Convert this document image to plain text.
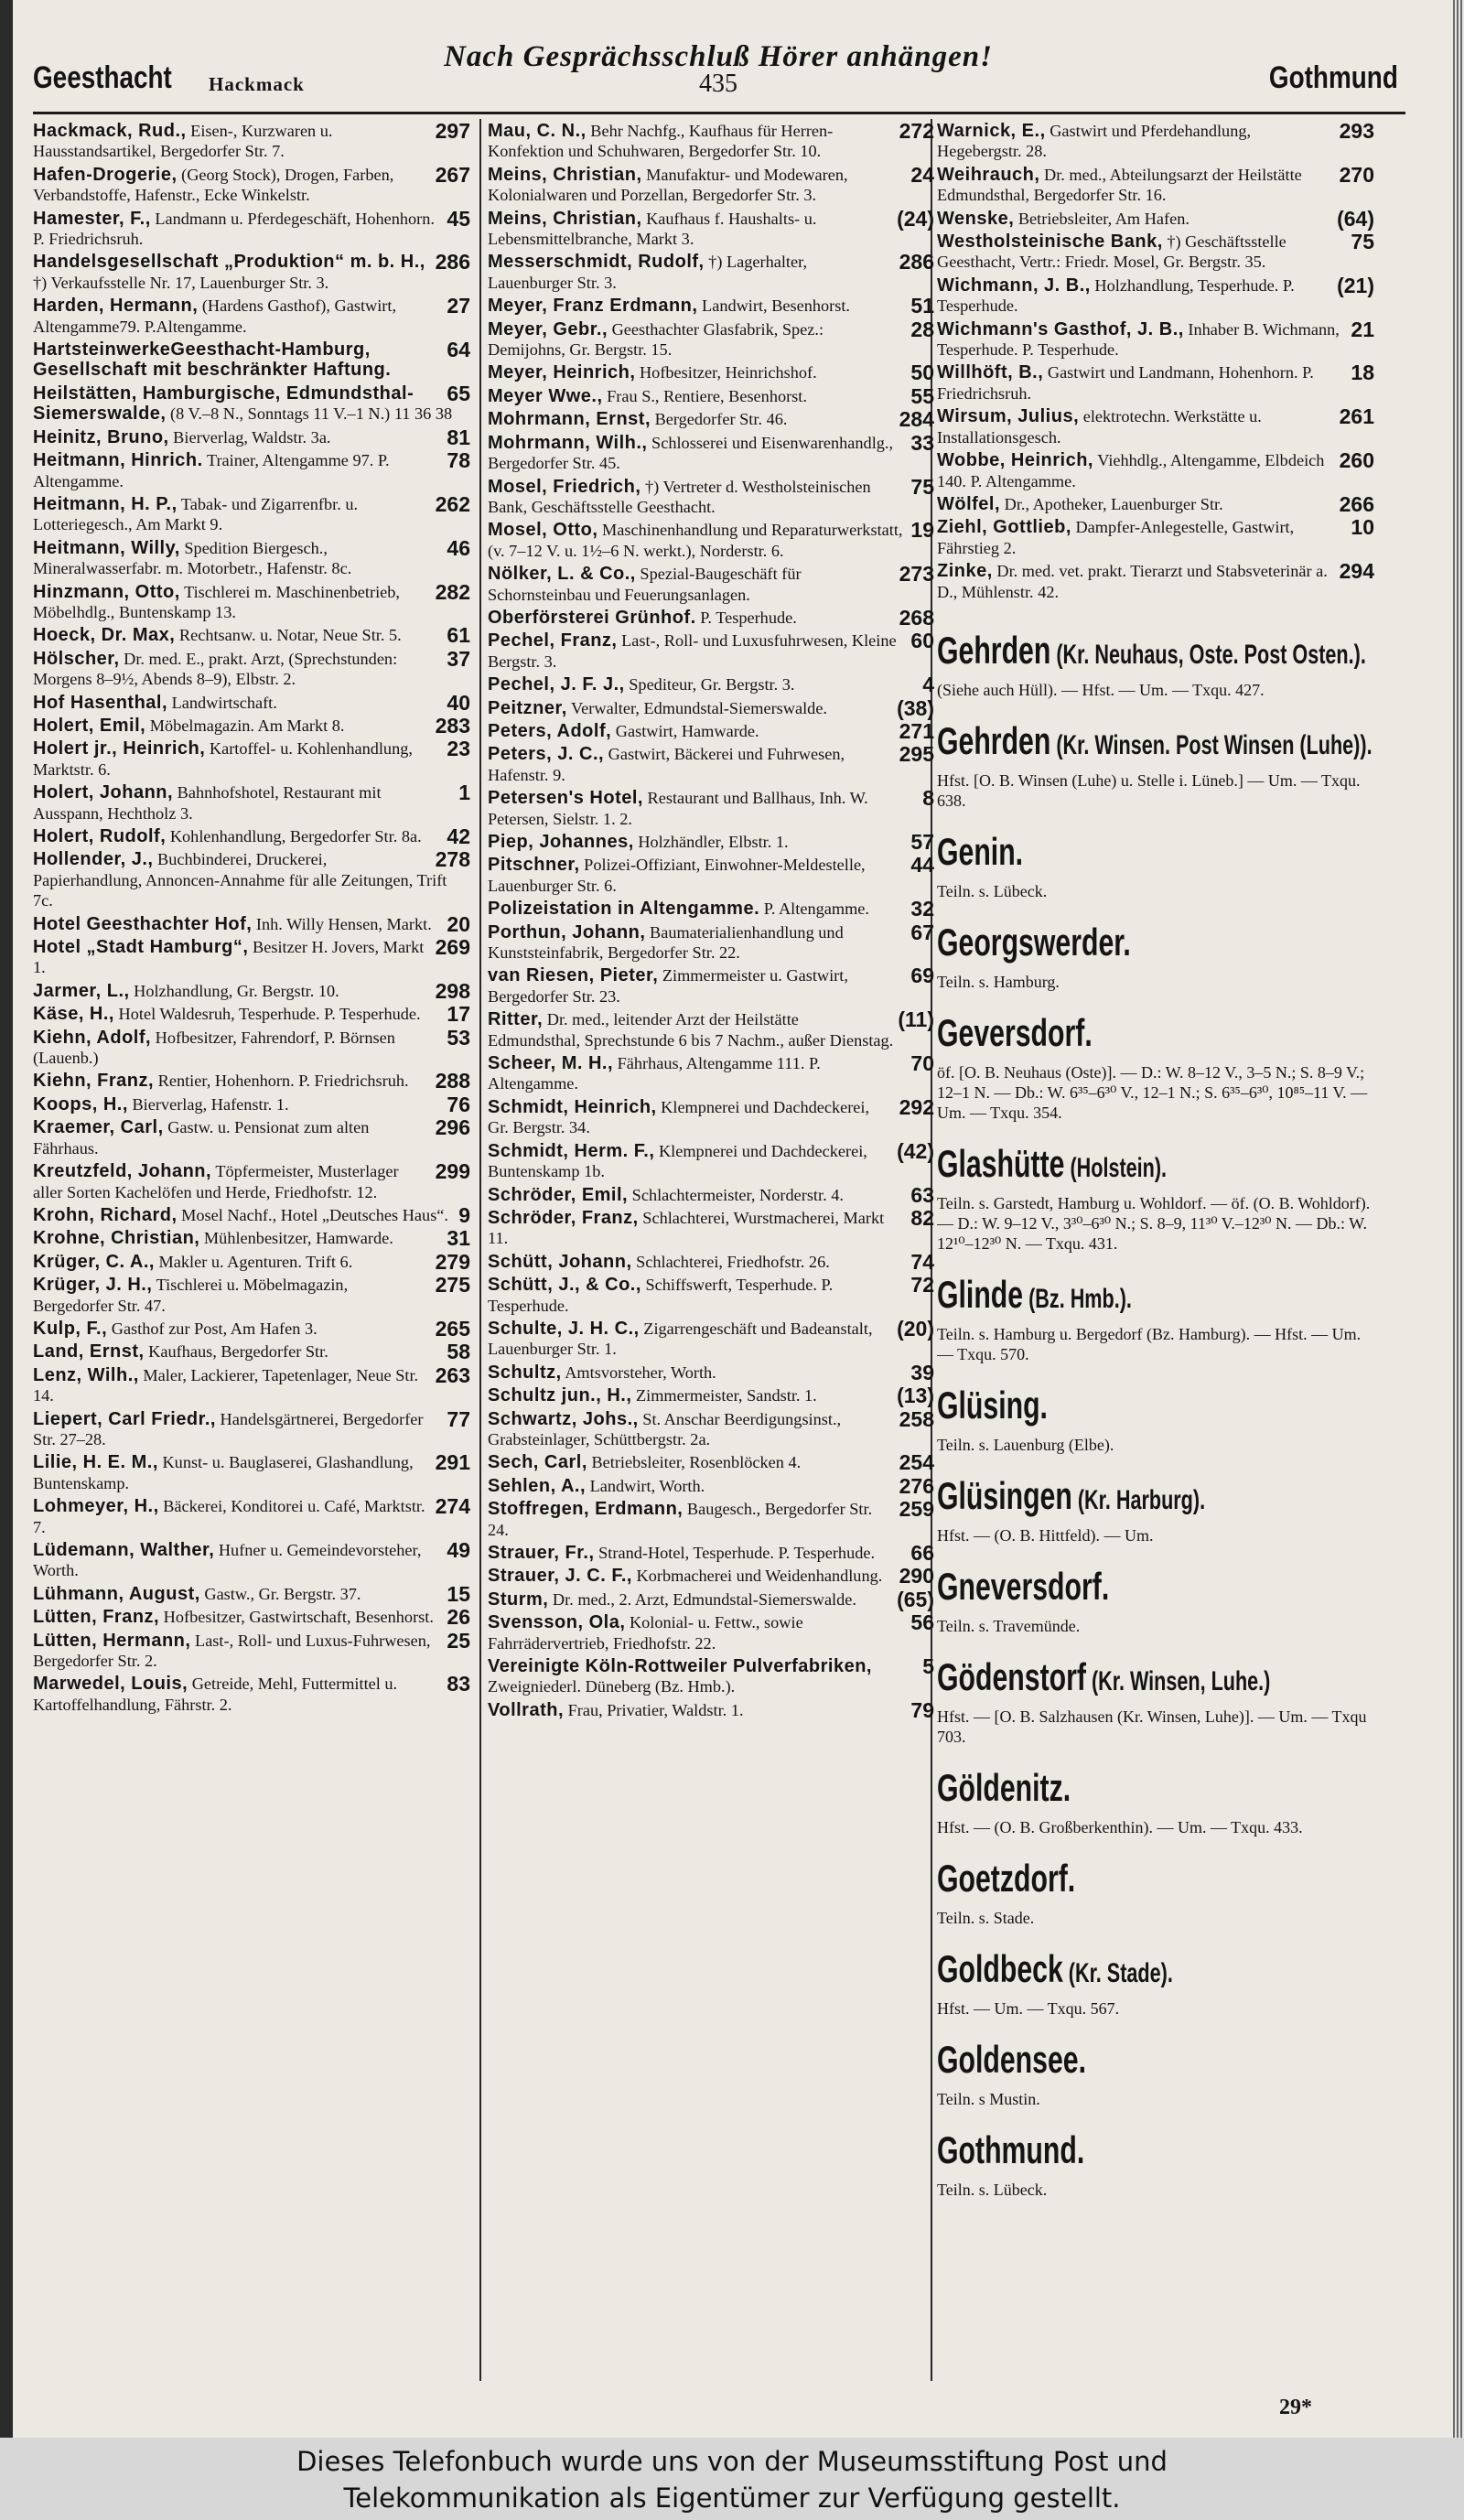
Nach Gesprächsschluß Hörer anhängen!
Geesthacht Hackmack	435	Gothmund
297
Hackmack, Rud., Eisen-, Kurzwaren u. Hausstandsartikel, Bergedorfer Str. 7.
267
Hafen-Drogerie, (Georg Stock), Drogen, Farben, Verbandstoffe, Hafenstr., Ecke Winkelstr.
45
Hamester, F., Landmann u. Pferdegeschäft, Hohenhorn. P. Friedrichsruh.
286
Handelsgesellschaft „Produktion“ m. b. H., †) Verkaufsstelle Nr. 17, Lauenburger Str. 3.
27
Harden, Hermann, (Hardens Gasthof), Gastwirt, Altengamme79. P.Altengamme.
64
HartsteinwerkeGeesthacht-Hamburg, Gesellschaft mit beschränkter Haftung.
65
Heilstätten, Hamburgische, Edmundsthal-Siemerswalde, (8 V.–8 N., Sonntags 11 V.–1 N.) 11 36 38
81
Heinitz, Bruno, Bierverlag, Waldstr. 3a.
78
Heitmann, Hinrich. Trainer, Altengamme 97. P. Altengamme.
262
Heitmann, H. P., Tabak- und Zigarrenfbr. u. Lotteriegesch., Am Markt 9.
46
Heitmann, Willy, Spedition Biergesch., Mineralwasserfabr. m. Motorbetr., Hafenstr. 8c.
282
Hinzmann, Otto, Tischlerei m. Maschinenbetrieb, Möbelhdlg., Buntenskamp 13.
61
Hoeck, Dr. Max, Rechtsanw. u. Notar, Neue Str. 5.
37
Hölscher, Dr. med. E., prakt. Arzt, (Sprechstunden: Morgens 8–9½, Abends 8–9), Elbstr. 2.
40
Hof Hasenthal, Landwirtschaft.
283
Holert, Emil, Möbelmagazin. Am Markt 8.
23
Holert jr., Heinrich, Kartoffel- u. Kohlenhandlung, Marktstr. 6.
1
Holert, Johann, Bahnhofshotel, Restaurant mit Ausspann, Hechtholz 3.
42
Holert, Rudolf, Kohlenhandlung, Bergedorfer Str. 8a.
278
Hollender, J., Buchbinderei, Druckerei, Papierhandlung, Annoncen-Annahme für alle Zeitungen, Trift 7c.
20
Hotel Geesthachter Hof, Inh. Willy Hensen, Markt.
269
Hotel „Stadt Hamburg“, Besitzer H. Jovers, Markt 1.
298
Jarmer, L., Holzhandlung, Gr. Bergstr. 10.
17
Käse, H., Hotel Waldesruh, Tesperhude. P. Tesperhude.
53
Kiehn, Adolf, Hofbesitzer, Fahrendorf, P. Börnsen (Lauenb.)
288
Kiehn, Franz, Rentier, Hohenhorn. P. Friedrichsruh.
76
Koops, H., Bierverlag, Hafenstr. 1.
296
Kraemer, Carl, Gastw. u. Pensionat zum alten Fährhaus.
299
Kreutzfeld, Johann, Töpfermeister, Musterlager aller Sorten Kachelöfen und Herde, Friedhofstr. 12.
9
Krohn, Richard, Mosel Nachf., Hotel „Deutsches Haus“.
31
Krohne, Christian, Mühlenbesitzer, Hamwarde.
279
Krüger, C. A., Makler u. Agenturen. Trift 6.
275
Krüger, J. H., Tischlerei u. Möbelmagazin, Bergedorfer Str. 47.
265
Kulp, F., Gasthof zur Post, Am Hafen 3.
58
Land, Ernst, Kaufhaus, Bergedorfer Str.
263
Lenz, Wilh., Maler, Lackierer, Tapetenlager, Neue Str. 14.
77
Liepert, Carl Friedr., Handelsgärtnerei, Bergedorfer Str. 27–28.
291
Lilie, H. E. M., Kunst- u. Bauglaserei, Glashandlung, Buntenskamp.
274
Lohmeyer, H., Bäckerei, Konditorei u. Café, Marktstr. 7.
49
Lüdemann, Walther, Hufner u. Gemeindevorsteher, Worth.
15
Lühmann, August, Gastw., Gr. Bergstr. 37.
26
Lütten, Franz, Hofbesitzer, Gastwirtschaft, Besenhorst.
25
Lütten, Hermann, Last-, Roll- und Luxus-Fuhrwesen, Bergedorfer Str. 2.
83
Marwedel, Louis, Getreide, Mehl, Futtermittel u. Kartoffelhandlung, Fährstr. 2.
272
Mau, C. N., Behr Nachfg., Kaufhaus für Herren-Konfektion und Schuhwaren, Bergedorfer Str. 10.
24
Meins, Christian, Manufaktur- und Modewaren, Kolonialwaren und Porzellan, Bergedorfer Str. 3.
(24)
Meins, Christian, Kaufhaus f. Haushalts- u. Lebensmittelbranche, Markt 3.
286
Messerschmidt, Rudolf, †) Lagerhalter, Lauenburger Str. 3.
51
Meyer, Franz Erdmann, Landwirt, Besenhorst.
28
Meyer, Gebr., Geesthachter Glasfabrik, Spez.: Demijohns, Gr. Bergstr. 15.
50
Meyer, Heinrich, Hofbesitzer, Heinrichshof.
55
Meyer Wwe., Frau S., Rentiere, Besenhorst.
284
Mohrmann, Ernst, Bergedorfer Str. 46.
33
Mohrmann, Wilh., Schlosserei und Eisenwarenhandlg., Bergedorfer Str. 45.
75
Mosel, Friedrich, †) Vertreter d. Westholsteinischen Bank, Geschäftsstelle Geesthacht.
19
Mosel, Otto, Maschinenhandlung und Reparaturwerkstatt, (v. 7–12 V. u. 1½–6 N. werkt.), Norderstr. 6.
273
Nölker, L. & Co., Spezial-Baugeschäft für Schornsteinbau und Feuerungsanlagen.
268
Oberförsterei Grünhof. P. Tesperhude.
60
Pechel, Franz, Last-, Roll- und Luxusfuhrwesen, Kleine Bergstr. 3.
4
Pechel, J. F. J., Spediteur, Gr. Bergstr. 3.
(38)
Peitzner, Verwalter, Edmundstal-Siemerswalde.
271
Peters, Adolf, Gastwirt, Hamwarde.
295
Peters, J. C., Gastwirt, Bäckerei und Fuhrwesen, Hafenstr. 9.
8
Petersen's Hotel, Restaurant und Ballhaus, Inh. W. Petersen, Sielstr. 1. 2.
57
Piep, Johannes, Holzhändler, Elbstr. 1.
44
Pitschner, Polizei-Offiziant, Einwohner-Meldestelle, Lauenburger Str. 6.
32
Polizeistation in Altengamme. P. Altengamme.
67
Porthun, Johann, Baumaterialienhandlung und Kunststeinfabrik, Bergedorfer Str. 22.
69
van Riesen, Pieter, Zimmermeister u. Gastwirt, Bergedorfer Str. 23.
(11)
Ritter, Dr. med., leitender Arzt der Heilstätte Edmundsthal, Sprechstunde 6 bis 7 Nachm., außer Dienstag.
70
Scheer, M. H., Fährhaus, Altengamme 111. P. Altengamme.
292
Schmidt, Heinrich, Klempnerei und Dachdeckerei, Gr. Bergstr. 34.
(42)
Schmidt, Herm. F., Klempnerei und Dachdeckerei, Buntenskamp 1b.
63
Schröder, Emil, Schlachtermeister, Norderstr. 4.
82
Schröder, Franz, Schlachterei, Wurstmacherei, Markt 11.
74
Schütt, Johann, Schlachterei, Friedhofstr. 26.
72
Schütt, J., & Co., Schiffswerft, Tesperhude. P. Tesperhude.
(20)
Schulte, J. H. C., Zigarrengeschäft und Badeanstalt, Lauenburger Str. 1.
39
Schultz, Amtsvorsteher, Worth.
(13)
Schultz jun., H., Zimmermeister, Sandstr. 1.
258
Schwartz, Johs., St. Anschar Beerdigungsinst., Grabsteinlager, Schüttbergstr. 2a.
254
Sech, Carl, Betriebsleiter, Rosenblöcken 4.
276
Sehlen, A., Landwirt, Worth.
259
Stoffregen, Erdmann, Baugesch., Bergedorfer Str. 24.
66
Strauer, Fr., Strand-Hotel, Tesperhude. P. Tesperhude.
290
Strauer, J. C. F., Korbmacherei und Weidenhandlung.
(65)
Sturm, Dr. med., 2. Arzt, Edmundstal-Siemerswalde.
56
Svensson, Ola, Kolonial- u. Fettw., sowie Fahrrädervertrieb, Friedhofstr. 22.
5
Vereinigte Köln-Rottweiler Pulverfabriken, Zweigniederl. Düneberg (Bz. Hmb.).
79
Vollrath, Frau, Privatier, Waldstr. 1.
293
Warnick, E., Gastwirt und Pferdehandlung, Hegebergstr. 28.
270
Weihrauch, Dr. med., Abteilungsarzt der Heilstätte Edmundsthal, Bergedorfer Str. 16.
(64)
Wenske, Betriebsleiter, Am Hafen.
75
Westholsteinische Bank, †) Geschäftsstelle Geesthacht, Vertr.: Friedr. Mosel, Gr. Bergstr. 35.
(21)
Wichmann, J. B., Holzhandlung, Tesperhude. P. Tesperhude.
21
Wichmann's Gasthof, J. B., Inhaber B. Wichmann, Tesperhude. P. Tesperhude.
18
Willhöft, B., Gastwirt und Landmann, Hohenhorn. P. Friedrichsruh.
261
Wirsum, Julius, elektrotechn. Werkstätte u. Installationsgesch.
260
Wobbe, Heinrich, Viehhdlg., Altengamme, Elbdeich 140. P. Altengamme.
266
Wölfel, Dr., Apotheker, Lauenburger Str.
10
Ziehl, Gottlieb, Dampfer-Anlegestelle, Gastwirt, Fährstieg 2.
294
Zinke, Dr. med. vet. prakt. Tierarzt und Stabsveterinär a. D., Mühlenstr. 42.
Gehrden (Kr. Neuhaus, Oste. Post Osten.).
(Siehe auch Hüll). — Hfst. — Um. — Txqu. 427.
Gehrden (Kr. Winsen. Post Winsen (Luhe)).
Hfst. [O. B. Winsen (Luhe) u. Stelle i. Lüneb.] — Um. — Txqu. 638.
Genin.
Teiln. s. Lübeck.
Georgswerder.
Teiln. s. Hamburg.
Geversdorf.
öf. [O. B. Neuhaus (Oste)]. — D.: W. 8–12 V., 3–5 N.; S. 8–9 V.; 12–1 N. — Db.: W. 6³⁵–6³⁰ V., 12–1 N.; S. 6³⁵–6³⁰, 10⁸⁵–11 V. — Um. — Txqu. 354.
Glashütte (Holstein).
Teiln. s. Garstedt, Hamburg u. Wohldorf. — öf. (O. B. Wohldorf). — D.: W. 9–12 V., 3³⁰–6³⁰ N.; S. 8–9, 11³⁰ V.–12³⁰ N. — Db.: W. 12¹⁰–12³⁰ N. — Txqu. 431.
Glinde (Bz. Hmb.).
Teiln. s. Hamburg u. Bergedorf (Bz. Hamburg). — Hfst. — Um. — Txqu. 570.
Glüsing.
Teiln. s. Lauenburg (Elbe).
Glüsingen (Kr. Harburg).
Hfst. — (O. B. Hittfeld). — Um.
Gneversdorf.
Teiln. s. Travemünde.
Gödenstorf (Kr. Winsen, Luhe.)
Hfst. — [O. B. Salzhausen (Kr. Winsen, Luhe)]. — Um. — Txqu 703.
Göldenitz.
Hfst. — (O. B. Großberkenthin). — Um. — Txqu. 433.
Goetzdorf.
Teiln. s. Stade.
Goldbeck (Kr. Stade).
Hfst. — Um. — Txqu. 567.
Goldensee.
Teiln. s Mustin.
Gothmund.
Teiln. s. Lübeck.
29*
Dieses Telefonbuch wurde uns von der Museumsstiftung Post und
Telekommunikation als Eigentümer zur Verfügung gestellt.
